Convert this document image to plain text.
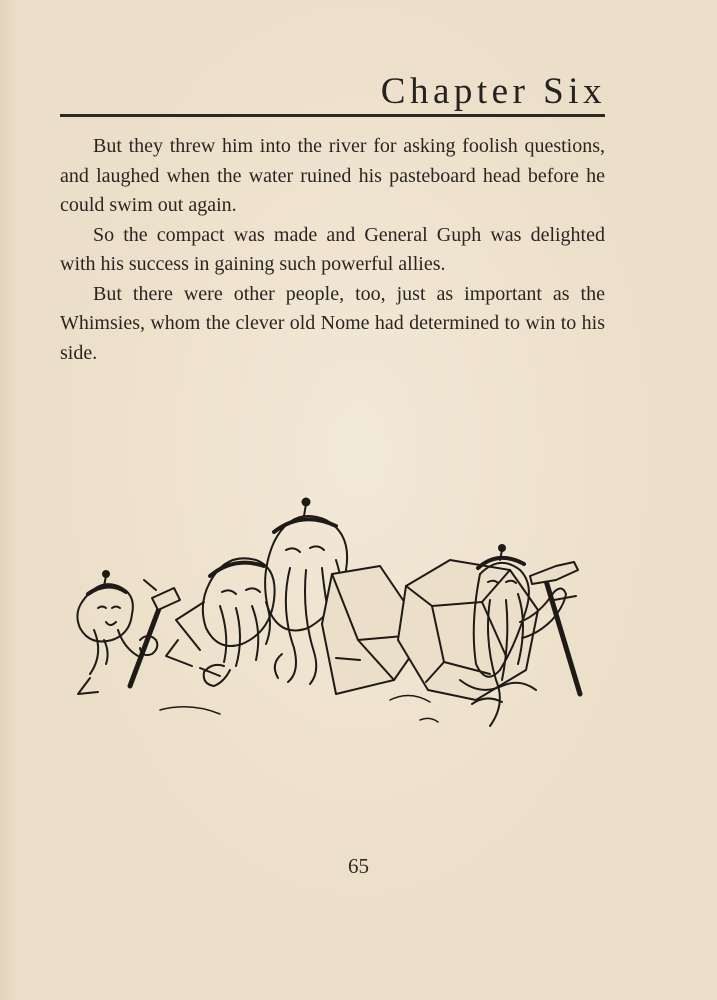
Chapter Six

But they threw him into the river for asking foolish questions, and laughed when the water ruined his pasteboard head before he could swim out again.

So the compact was made and General Guph was delighted with his success in gaining such powerful allies.

But there were other people, too, just as important as the Whimsies, whom the clever old Nome had determined to win to his side.

65
